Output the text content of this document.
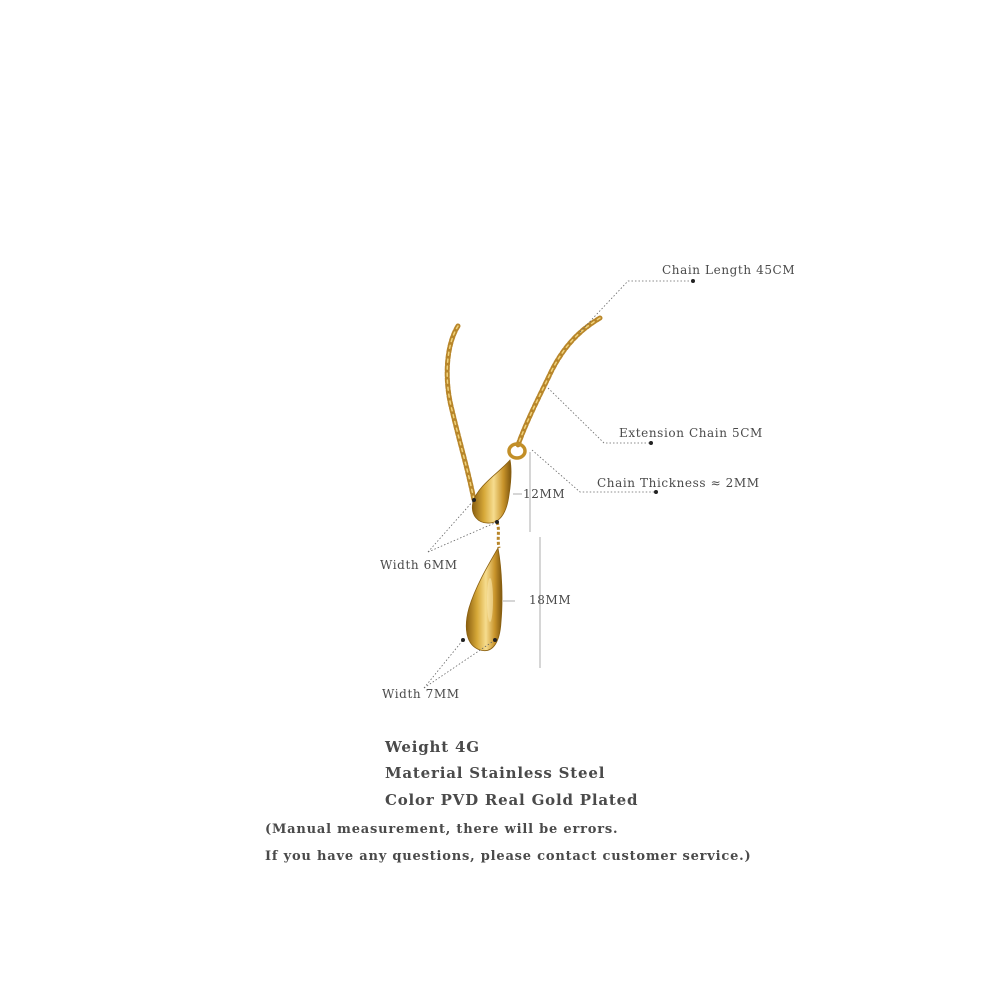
Chain Length 45CM
Extension Chain 5CM
Chain Thickness ≈ 2MM
12MM
Width 6MM
18MM
Width 7MM
Weight 4G
Material Stainless Steel
Color PVD Real Gold Plated
(Manual measurement, there will be errors.
If you have any questions, please contact customer service.)
